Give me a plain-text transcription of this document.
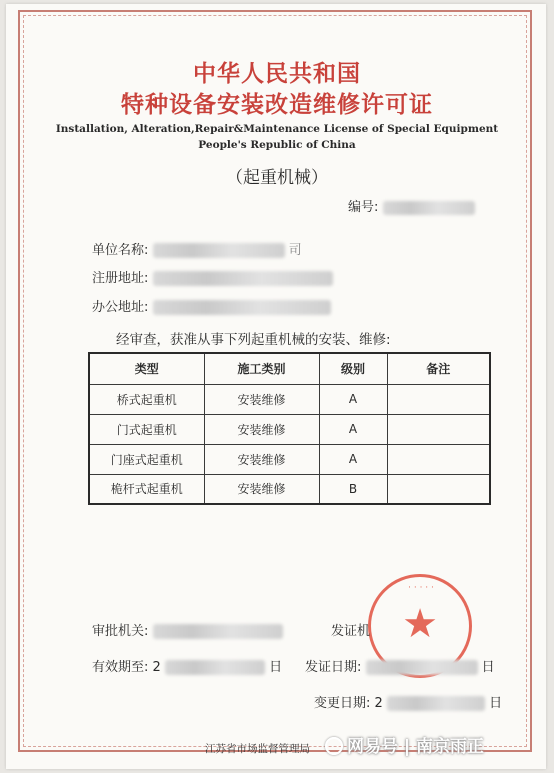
中华人民共和国
特种设备安装改造维修许可证
Installation, Alteration,Repair&Maintenance License of Special Equipment
People's Republic of China
（起重机械）
编号:
单位名称:	司
注册地址:
办公地址:
经审查，获准从事下列起重机械的安装、维修:
类型	施工类别	级别	备注
桥式起重机	安装维修	A	
门式起重机	安装维修	A	
门座式起重机	安装维修	A	
桅杆式起重机	安装维修	B	
· · · · ·
★
审批机关:	发证机
有效期至: 2	日 发证日期:	日
变更日期: 2	日
江苏省市场监督管理局	网易号 | 南京雨正
